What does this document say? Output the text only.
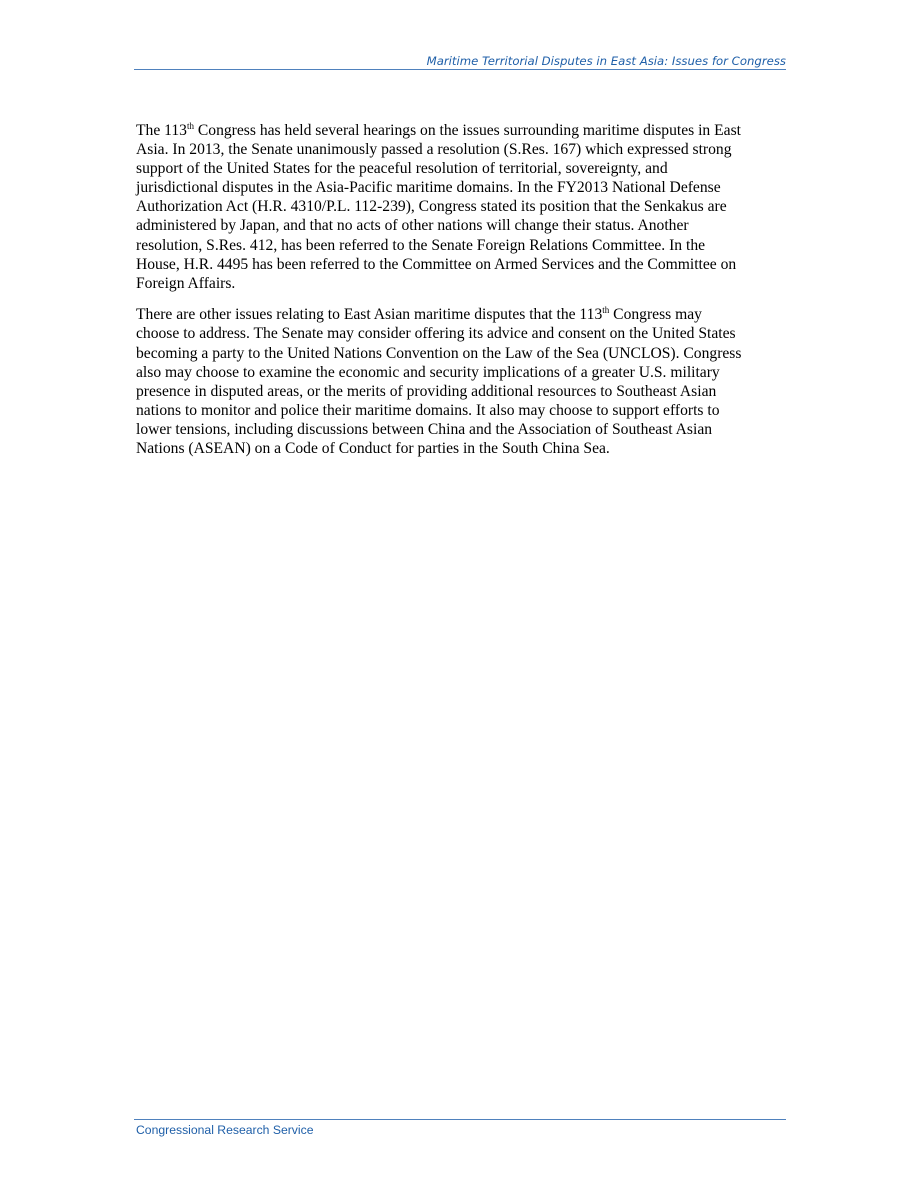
Maritime Territorial Disputes in East Asia: Issues for Congress

The 113th Congress has held several hearings on the issues surrounding maritime disputes in East
Asia. In 2013, the Senate unanimously passed a resolution (S.Res. 167) which expressed strong
support of the United States for the peaceful resolution of territorial, sovereignty, and
jurisdictional disputes in the Asia-Pacific maritime domains. In the FY2013 National Defense
Authorization Act (H.R. 4310/P.L. 112-239), Congress stated its position that the Senkakus are
administered by Japan, and that no acts of other nations will change their status. Another
resolution, S.Res. 412, has been referred to the Senate Foreign Relations Committee. In the
House, H.R. 4495 has been referred to the Committee on Armed Services and the Committee on
Foreign Affairs.

There are other issues relating to East Asian maritime disputes that the 113th Congress may
choose to address. The Senate may consider offering its advice and consent on the United States
becoming a party to the United Nations Convention on the Law of the Sea (UNCLOS). Congress
also may choose to examine the economic and security implications of a greater U.S. military
presence in disputed areas, or the merits of providing additional resources to Southeast Asian
nations to monitor and police their maritime domains. It also may choose to support efforts to
lower tensions, including discussions between China and the Association of Southeast Asian
Nations (ASEAN) on a Code of Conduct for parties in the South China Sea.

Congressional Research Service
